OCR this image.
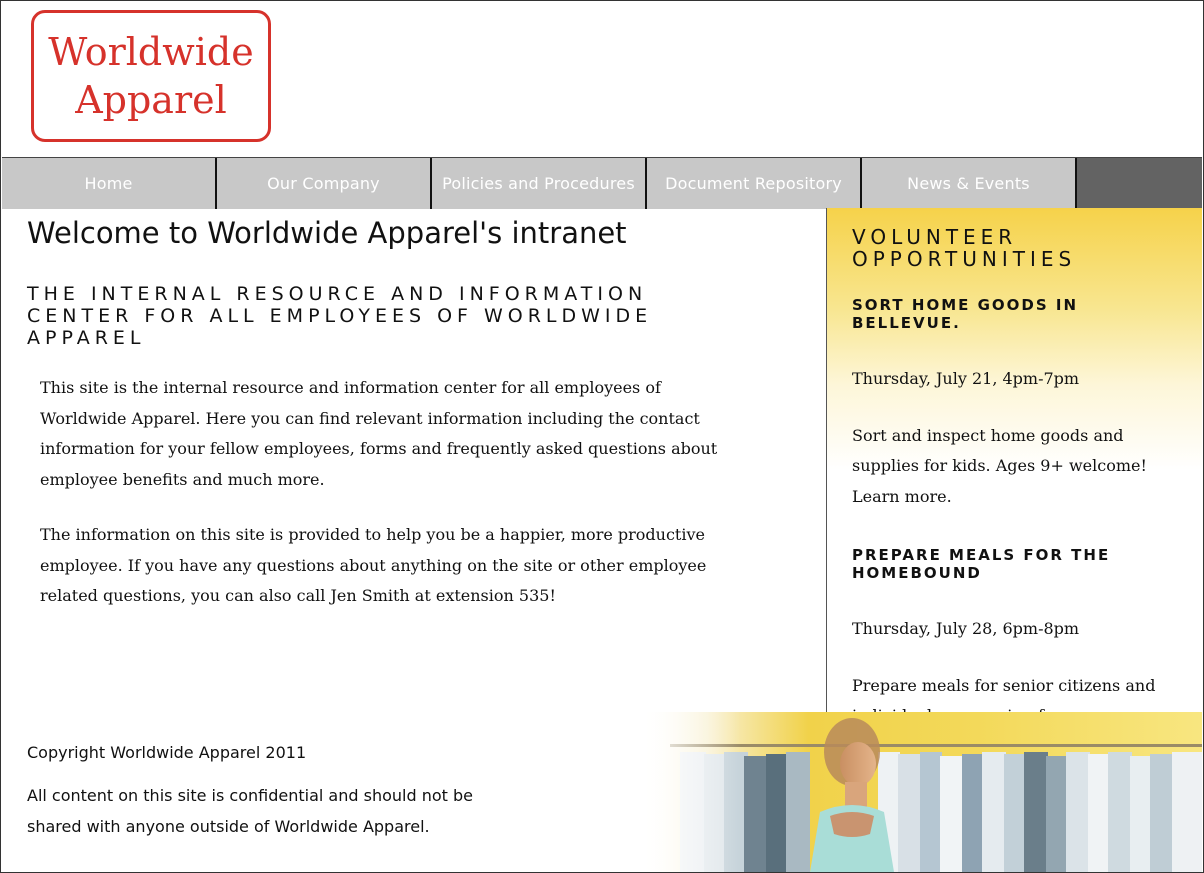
Worldwide
Apparel
Home	Our Company	Policies and Procedures	Document Repository	News & Events
Welcome to Worldwide Apparel's intranet
THE INTERNAL RESOURCE AND INFORMATION CENTER FOR ALL EMPLOYEES OF WORLDWIDE APPAREL

This site is the internal resource and information center for all employees of Worldwide Apparel. Here you can find relevant information including the contact information for your fellow employees, forms and frequently asked questions about employee benefits and much more.

The information on this site is provided to help you be a happier, more productive employee. If you have any questions about anything on the site or other employee related questions, you can also call Jen Smith at extension 535!

VOLUNTEER OPPORTUNITIES
SORT HOME GOODS IN BELLEVUE.

Thursday, July 21, 4pm-7pm

Sort and inspect home goods and supplies for kids. Ages 9+ welcome! Learn more.

PREPARE MEALS FOR THE HOMEBOUND

Thursday, July 28, 6pm-8pm

Prepare meals for senior citizens and

Copyright Worldwide Apparel 2011

All content on this site is confidential and should not be shared with anyone outside of Worldwide Apparel.
